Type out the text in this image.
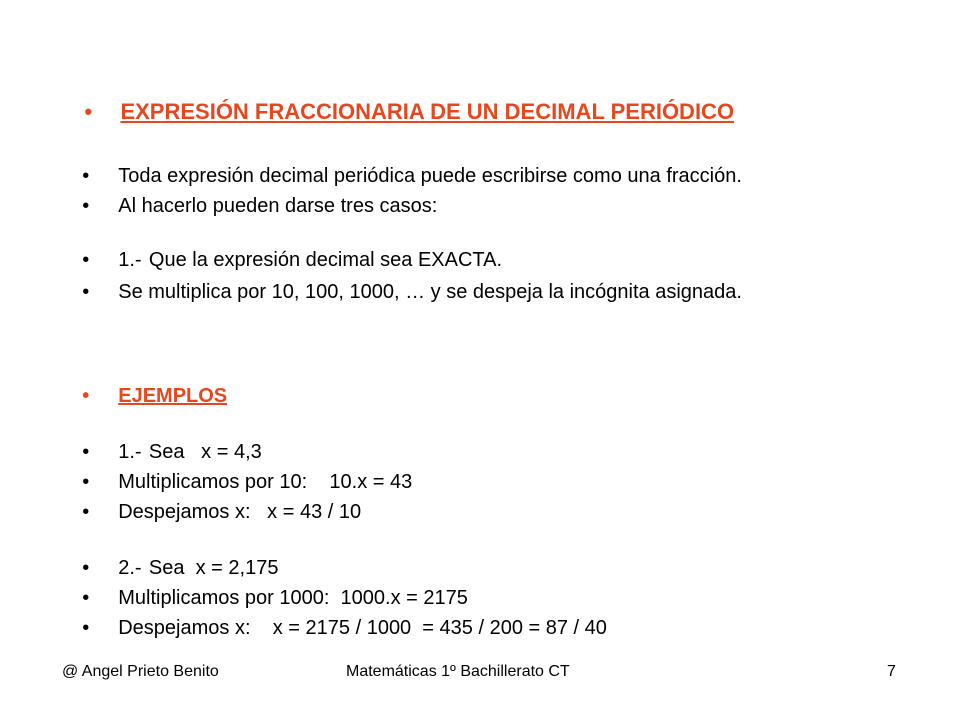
• EXPRESIÓN FRACCIONARIA DE UN DECIMAL PERIÓDICO

• Toda expresión decimal periódica puede escribirse como una fracción.

• Al hacerlo pueden darse tres casos:

• 1.-	Que la expresión decimal sea EXACTA.

• Se multiplica por 10, 100, 1000, … y se despeja la incógnita asignada.

• EJEMPLOS

• 1.-	Sea   x = 4,3

• Multiplicamos por 10:    10.x = 43

• Despejamos x:   x = 43 / 10

• 2.-	Sea  x = 2,175

• Multiplicamos por 1000:  1000.x = 2175

• Despejamos x:    x = 2175 / 1000  = 435 / 200 = 87 / 40

@ Angel Prieto Benito	Matemáticas 1º Bachillerato CT	7
